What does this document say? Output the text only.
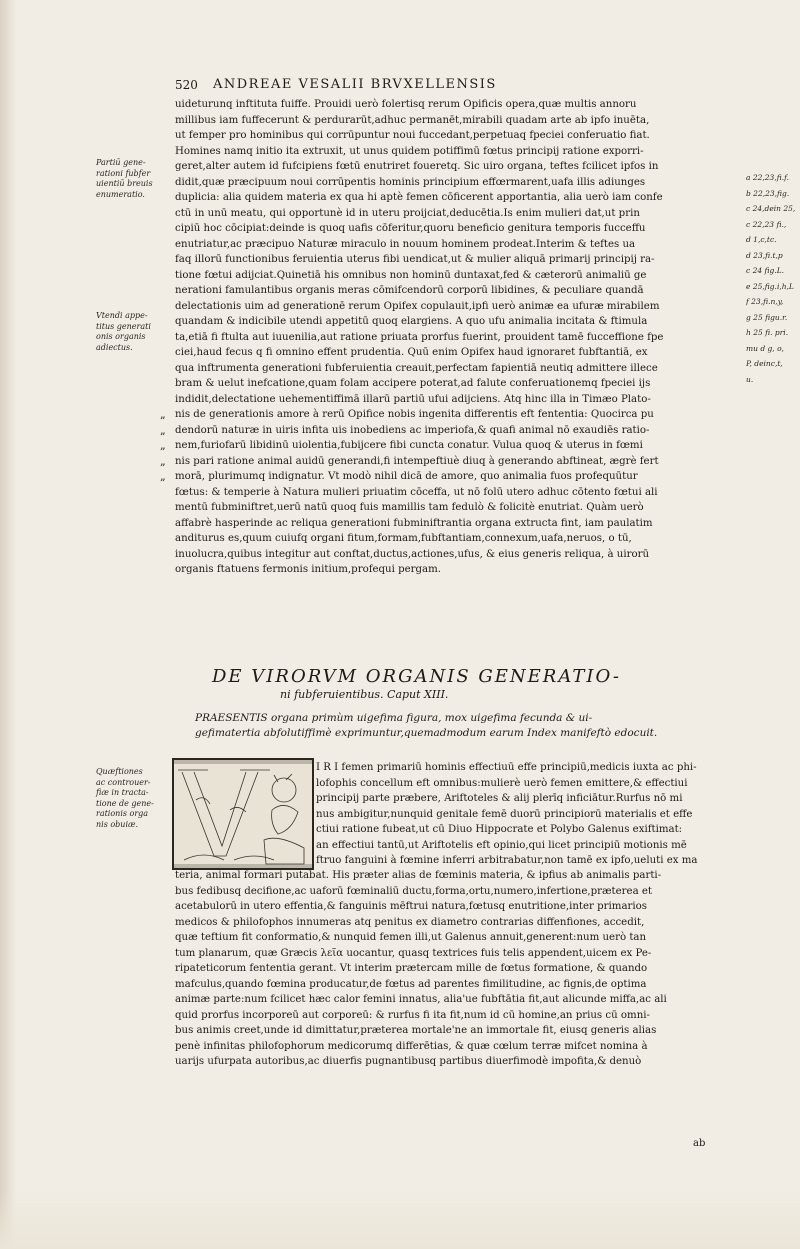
520 ANDREAE VESALII BRVXELLENSIS
uideturunq inftituta fuiffe. Prouidi uerò folertisq rerum Opificis opera,quæ multis annoru
millibus iam fuffecerunt & perdurarūt,adhuc permanēt,mirabili quadam arte ab ipfo inuēta,
ut femper pro hominibus qui corrūpuntur noui fuccedant,perpetuaq fpeciei conferuatio fiat.
Homines namq initio ita extruxit, ut unus quidem potiffimū fœtus principij ratione exporri-
geret,alter autem id fufcipiens fœtū enutriret foueretq. Sic uiro organa, teftes fcilicet ipfos in
didit,quæ præcipuum noui corrūpentis hominis principium effœrmarent,uafa illis adiunges
duplicia: alia quidem materia ex qua hi aptè femen cōficerent apportantia, alia uerò iam confe
ctū in unū meatu, qui opportunè id in uteru proijciat,deducētia.Is enim mulieri dat,ut prin
cipiū hoc cōcipiat:deinde is quoq uafis cōferitur,quoru beneficio genitura temporis fucceffu
enutriatur,ac præcipuo Naturæ miraculo in nouum hominem prodeat.Interim & teftes ua
faq illorū functionibus feruientia uterus fibi uendicat,ut & mulier aliquā primarij principij ra-
tione fœtui adijciat.Quinetiā his omnibus non hominū duntaxat,fed & cæterorū animaliū ge
nerationi famulantibus organis meras cōmifcendorū corporū libidines, & peculiare quandā
delectationis uim ad generationē rerum Opifex copulauit,ipfi uerò animæ ea ufuræ mirabilem
quandam & indicibile utendi appetitū quoq elargiens. A quo ufu animalia incitata & ftimula
ta,etiā fi ftulta aut iuuenilia,aut ratione priuata prorfus fuerint, prouident tamē fucceffione fpe
ciei,haud fecus q fi omnino effent prudentia. Quū enim Opifex haud ignoraret fubftantiā, ex
qua inftrumenta generationi fubferuientia creauit,perfectam fapientiā neutiq admittere illece
bram & uelut inefcatione,quam folam accipere poterat,ad falute conferuationemq fpeciei ijs
indidit,delectatione uehementiffimā illarū partiū ufui adijciens. Atq hinc illa in Timæo Plato-
nis de generationis amore à rerū Opifice nobis ingenita differentis eft fententia: Quocirca pu
dendorū naturæ in uiris infita uis inobediens ac imperiofa,& quafi animal nō exaudiēs ratio-
nem,furiofarū libidinū uiolentia,fubijcere fibi cuncta conatur. Vulua quoq & uterus in fœmi
nis pari ratione animal auidū generandi,fi intempeftiuè diuq à generando abftineat, ægrè fert
morā, plurimumq indignatur. Vt modò nihil dicā de amore, quo animalia fuos profequūtur
fœtus: & temperie à Natura mulieri priuatim cōceffa, ut nō folū utero adhuc cōtento fœtui ali
mentū fubminiftret,uerū natū quoq fuis mamillis tam fedulò & folicitè enutriat. Quàm uerò
affabrè hasperinde ac reliqua generationi fubminiftrantia organa extructa fint, iam paulatim
anditurus es,quum cuiufq organi fitum,formam,fubftantiam,connexum,uafa,neruos, o tū,
inuolucra,quibus integitur aut conftat,ductus,actiones,ufus, & eius generis reliqua, à uirorū
organis ftatuens fermonis initium,profequi pergam.
„
„
„
„
„
Partiū gene-
rationi fubfer
uientiū breuis
enumeratio.
Vtendi appe-
titus generati
onis organis
adiectus.
Quæftiones
ac controuer-
fiæ in tracta-
tione de gene-
rationis orga
nis obuiæ.
a 22,23,fi.f.
b 22,23,fig.
c 24,dein 25,
c 22,23 fi.,
d 1,c,tc.
d 23,fi.t,p
c 24 fig.L.
e 25,fig.i,h,L
f 23,fi.n,y,
g 25 figu.r.
h 25 fi. pri.
mu d g, o,
P, deinc,t,
u.
DE VIRORVM ORGANIS GENERATIO-
ni fubferuientibus. Caput XIII.
PRAESENTIS organa primùm uigefima figura, mox uigefima fecunda & ui-
gefimatertia abfolutiffimè exprimuntur,quemadmodum earum Index manifeftò edocuit.
I R I femen primariū hominis effectiuū effe principiū,medicis iuxta ac phi-
lofophis concellum eft omnibus:mulierè uerò femen emittere,& effectiui
principij parte præbere, Ariftoteles & alij plerīq inficiātur.Rurfus nō mi
nus ambigitur,nunquid genitale femē duorū principiorū materialis et effe
ctiui ratione fubeat,ut cū Diuo Hippocrate et Polybo Galenus exiftimat:
an effectiui tantū,ut Ariftotelis eft opinio,qui licet principiū motionis mē
ftruo fanguini à fœmine inferri arbitrabatur,non tamē ex ipfo,ueluti ex ma
teria, animal formari putabat. His præter alias de fœminis materia, & ipfius ab animalis parti-
bus fedibusq decifione,ac uaforū fœminaliū ductu,forma,ortu,numero,infertione,præterea et
acetabulorū in utero effentia,& fanguinis mēftrui natura,fœtusq enutritione,inter primarios
medicos & philofophos innumeras atq penitus ex diametro contrarias diffenfiones, accedit,
quæ teftium fit conformatio,& nunquid femen illi,ut Galenus annuit,generent:num uerò tan
tum planarum, quæ Græcis λεῖα uocantur, quasq textrices fuis telis appendent,uicem ex Pe-
ripateticorum fententia gerant. Vt interim prætercam mille de fœtus formatione, & quando
mafculus,quando fœmina producatur,de fœtus ad parentes fimilitudine, ac fignis,de optima
animæ parte:num fcilicet hæc calor femini innatus, alia'ue fubftātia fit,aut alicunde miffa,ac ali
quid prorfus incorporeū aut corporeū: & rurfus fi ita fit,num id cū homine,an prius cū omni-
bus animis creet,unde id dimittatur,præterea mortale'ne an immortale fit, eiusq generis alias
penè infinitas philofophorum medicorumq differētias, & quæ cœlum terræ mifcet nomina à
uarijs ufurpata autoribus,ac diuerfis pugnantibusq partibus diuerfimodè impofita,& denuò
ab
